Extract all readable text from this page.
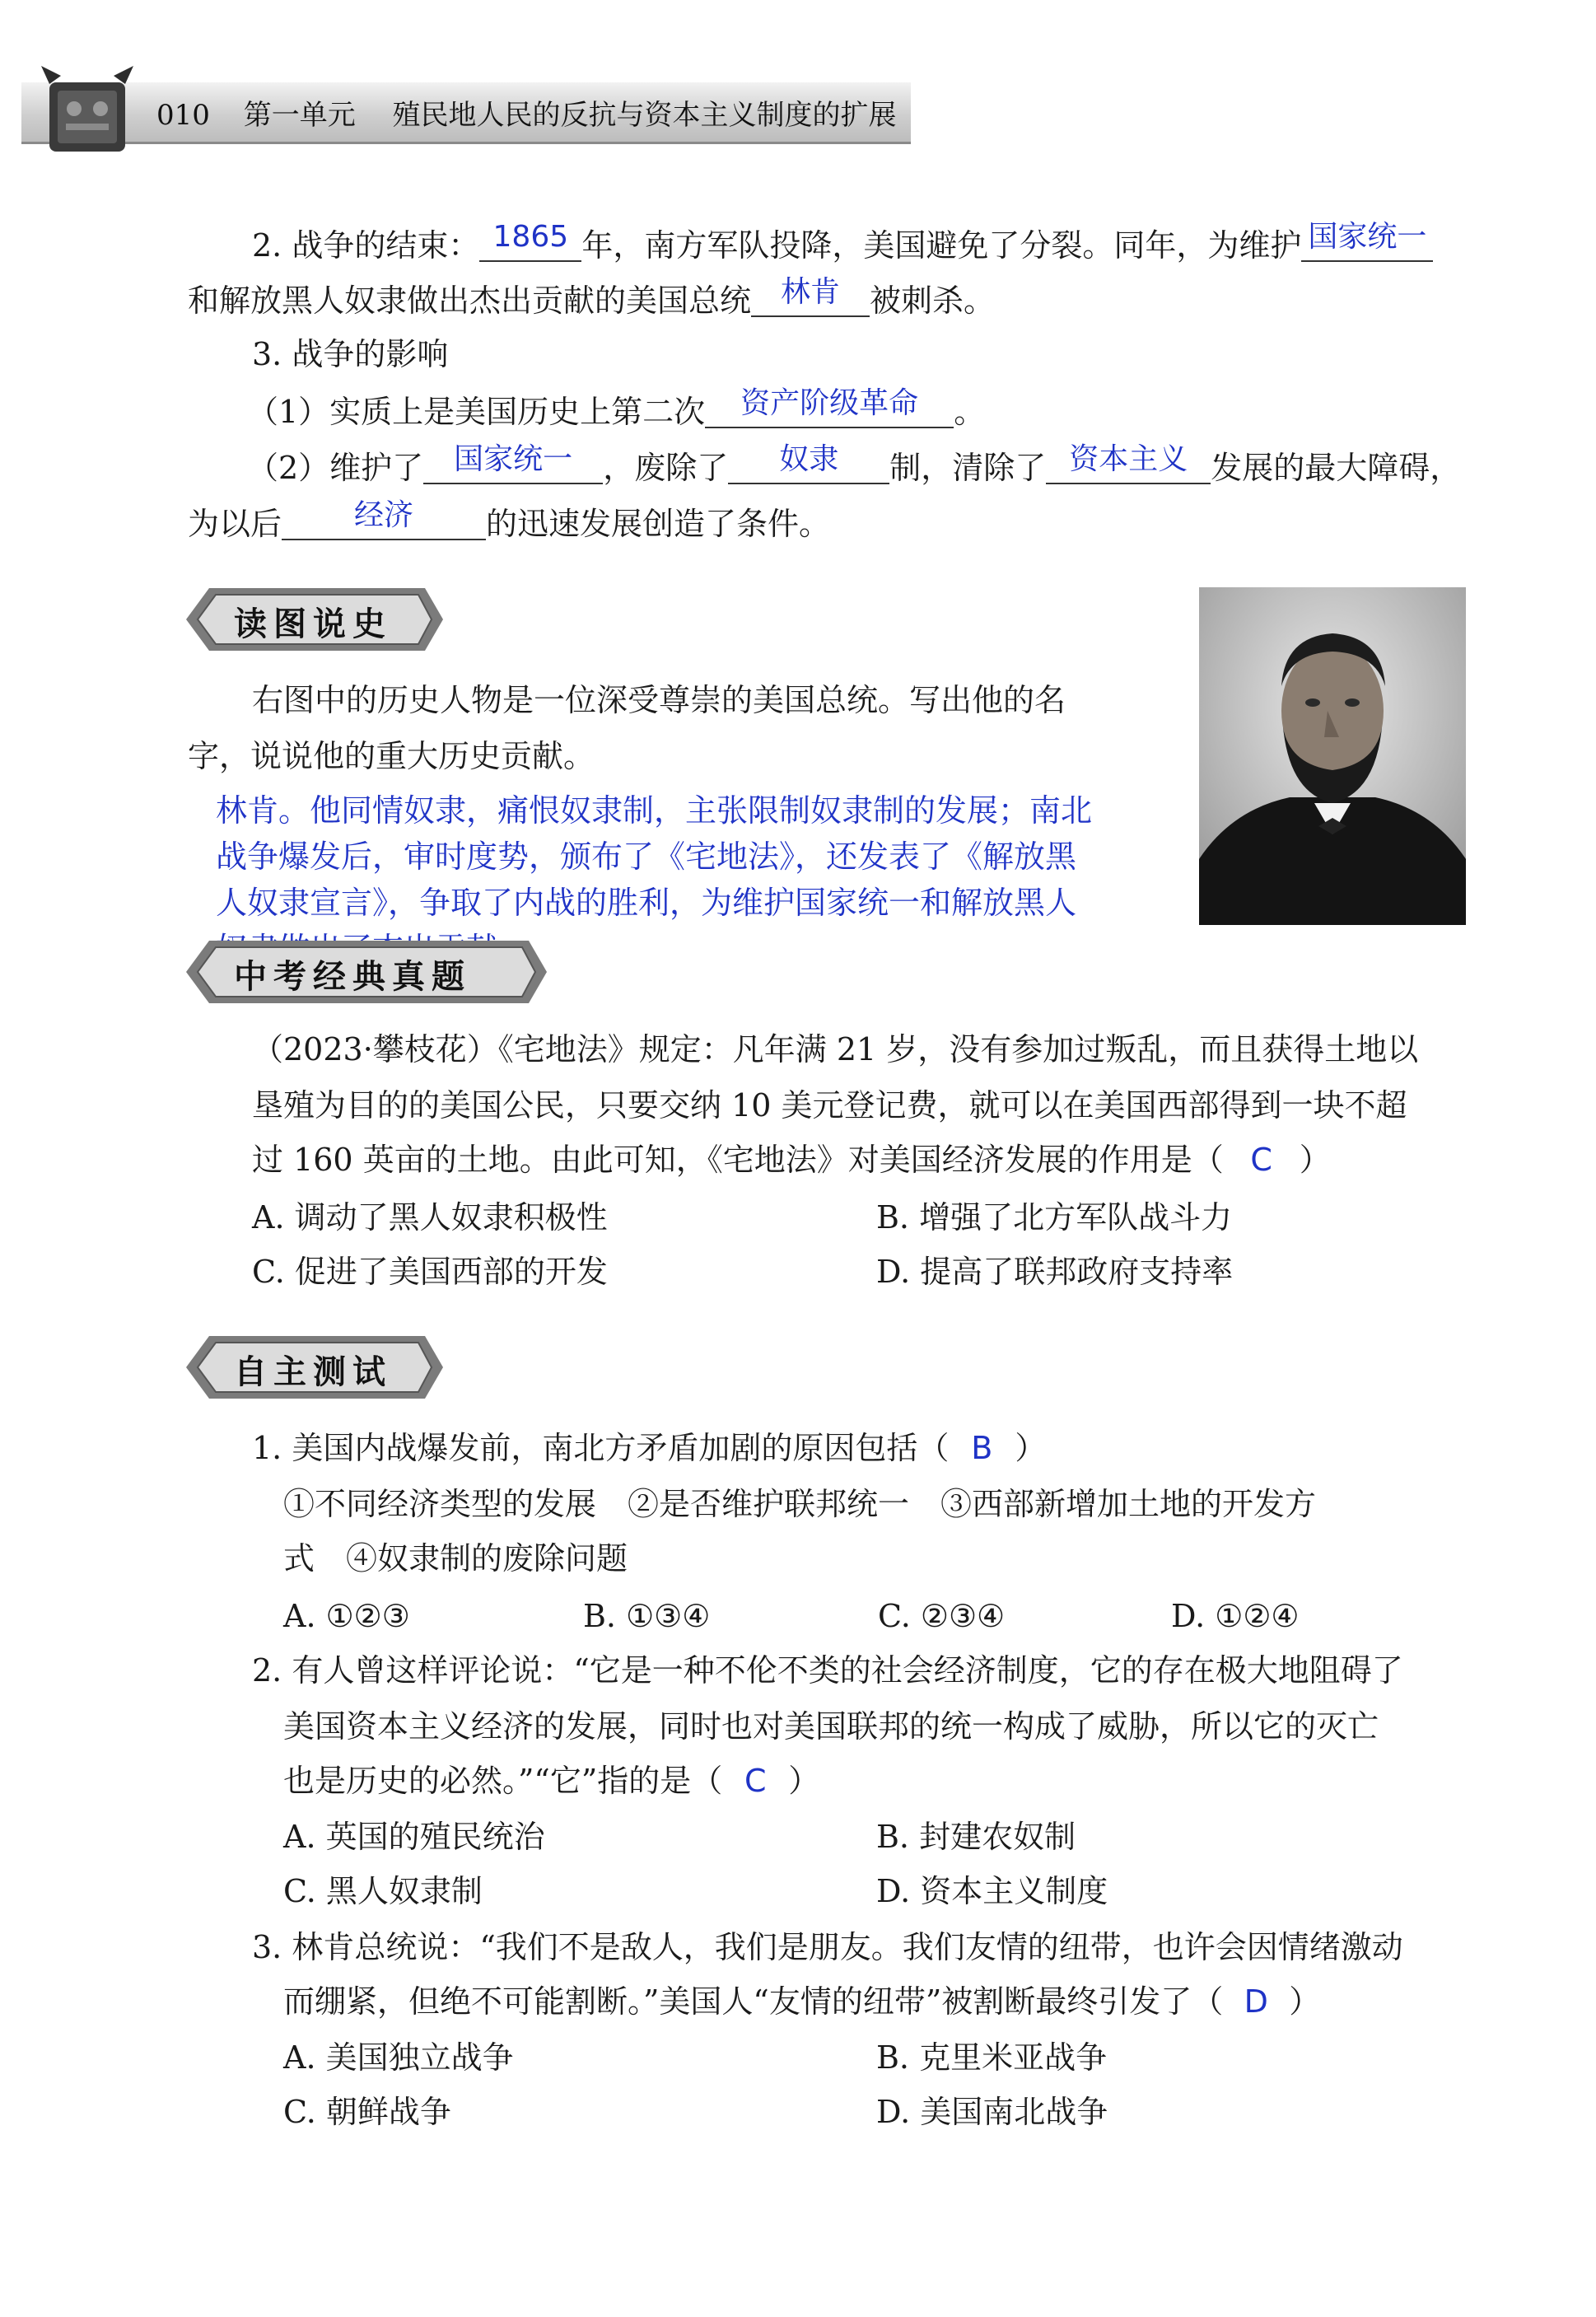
010 第一单元 殖民地人民的反抗与资本主义制度的扩展
2. 战争的结束： 1865 年，南方军队投降，美国避免了分裂。同年，为维护 国家统一
和解放黑人奴隶做出杰出贡献的美国总统 林肯 被刺杀。
3. 战争的影响
（1）实质上是美国历史上第二次	资产阶级革命	。
（2）维护了	国家统一 ，废除了	奴隶	制，清除了 资本主义 发展的最大障碍，
为以后	经济	的迅速发展创造了条件。
读图说史
右图中的历史人物是一位深受尊崇的美国总统。写出他的名
字，说说他的重大历史贡献。
林肯。他同情奴隶，痛恨奴隶制，主张限制奴隶制的发展；南北
战争爆发后，审时度势，颁布了《宅地法》，还发表了《解放黑
人奴隶宣言》，争取了内战的胜利，为维护国家统一和解放黑人
中考经典真题
（2023·攀枝花）《宅地法》规定：凡年满 21 岁，没有参加过叛乱，而且获得土地以
垦殖为目的的美国公民，只要交纳 10 美元登记费，就可以在美国西部得到一块不超
过 160 英亩的土地。由此可知，《宅地法》对美国经济发展的作用是（ C ）
A. 调动了黑人奴隶积极性	B. 增强了北方军队战斗力
C. 促进了美国西部的开发	D. 提高了联邦政府支持率
自主测试
1. 美国内战爆发前，南北方矛盾加剧的原因包括（ B ）
①不同经济类型的发展　②是否维护联邦统一　③西部新增加土地的开发方
式　④奴隶制的废除问题
A. ①②③	B. ①③④	C. ②③④	D. ①②④
2. 有人曾这样评论说：“它是一种不伦不类的社会经济制度，它的存在极大地阻碍了
美国资本主义经济的发展，同时也对美国联邦的统一构成了威胁，所以它的灭亡
也是历史的必然。”“它”指的是（ C ）
A. 英国的殖民统治	B. 封建农奴制
C. 黑人奴隶制	D. 资本主义制度
3. 林肯总统说：“我们不是敌人，我们是朋友。我们友情的纽带，也许会因情绪激动
而绷紧，但绝不可能割断。”美国人“友情的纽带”被割断最终引发了（ D ）
A. 美国独立战争	B. 克里米亚战争
C. 朝鲜战争	D. 美国南北战争
